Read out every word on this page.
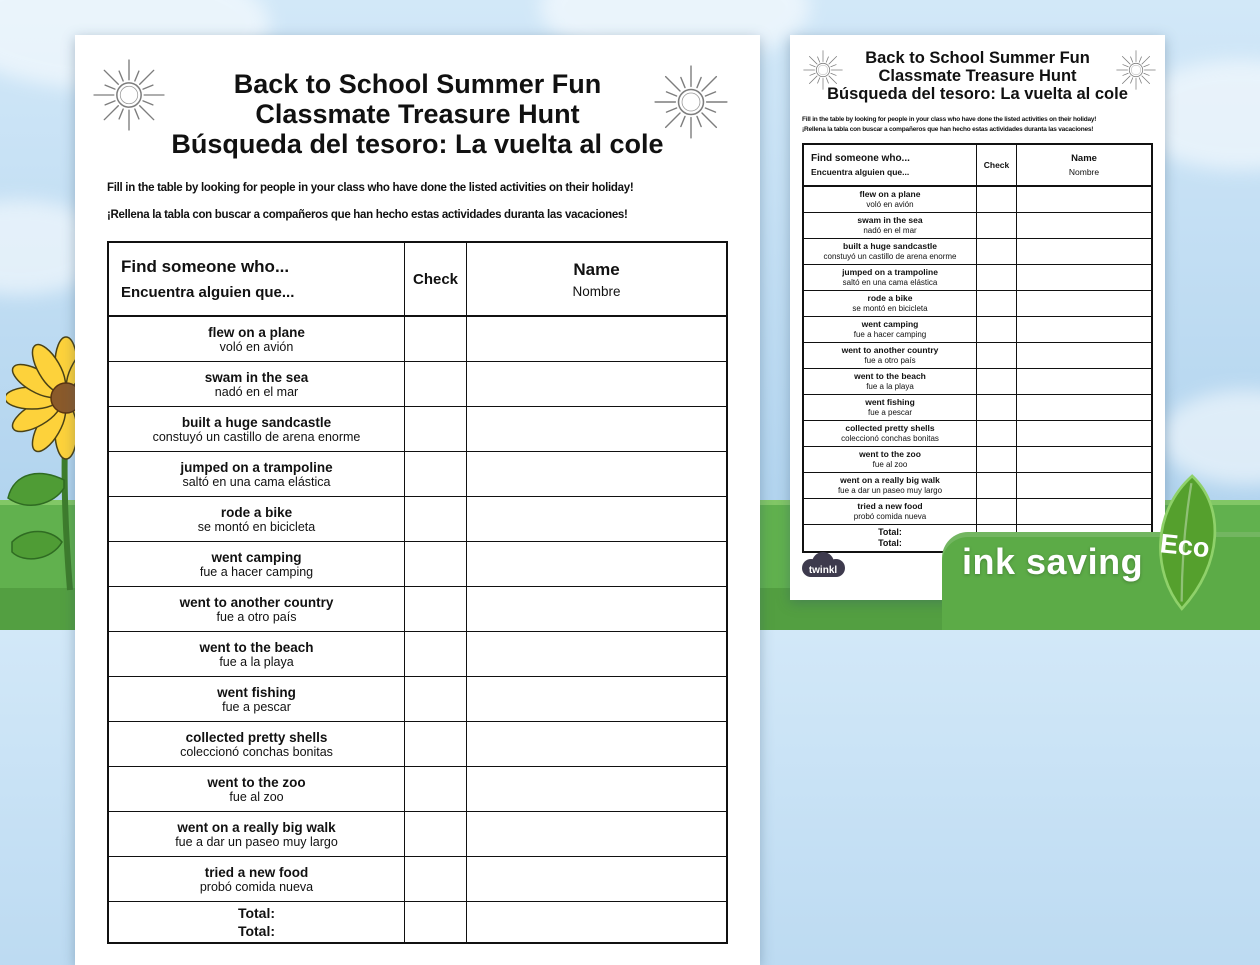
Back to School Summer Fun
Classmate Treasure Hunt
Búsqueda del tesoro: La vuelta al cole
Fill in the table by looking for people in your class who have done the listed activities on their holiday!
¡Rellena la tabla con buscar a compañeros que han hecho estas actividades duranta las vacaciones!
Find someone who...
Encuentra alguien que...
Check
Name
Nombre
flew on a plane
voló en avión
swam in the sea
nadó en el mar
built a huge sandcastle
constuyó un castillo de arena enorme
jumped on a trampoline
saltó en una cama elástica
rode a bike
se montó en bicicleta
went camping
fue a hacer camping
went to another country
fue a otro país
went to the beach
fue a la playa
went fishing
fue a pescar
collected pretty shells
coleccionó conchas bonitas
went to the zoo
fue al zoo
went on a really big walk
fue a dar un paseo muy largo
tried a new food
probó comida nueva
Total:
Total:
Back to School Summer Fun
Classmate Treasure Hunt
Búsqueda del tesoro: La vuelta al cole
Fill in the table by looking for people in your class who have done the listed activities on their holiday!
¡Rellena la tabla con buscar a compañeros que han hecho estas actividades duranta las vacaciones!
Find someone who...
Encuentra alguien que...
Check
Name
Nombre
flew on a plane
voló en avión
swam in the sea
nadó en el mar
built a huge sandcastle
constuyó un castillo de arena enorme
jumped on a trampoline
saltó en una cama elástica
rode a bike
se montó en bicicleta
went camping
fue a hacer camping
went to another country
fue a otro país
went to the beach
fue a la playa
went fishing
fue a pescar
collected pretty shells
coleccionó conchas bonitas
went to the zoo
fue al zoo
went on a really big walk
fue a dar un paseo muy largo
tried a new food
probó comida nueva
Total:
Total:
twinkl	ink saving Eco
